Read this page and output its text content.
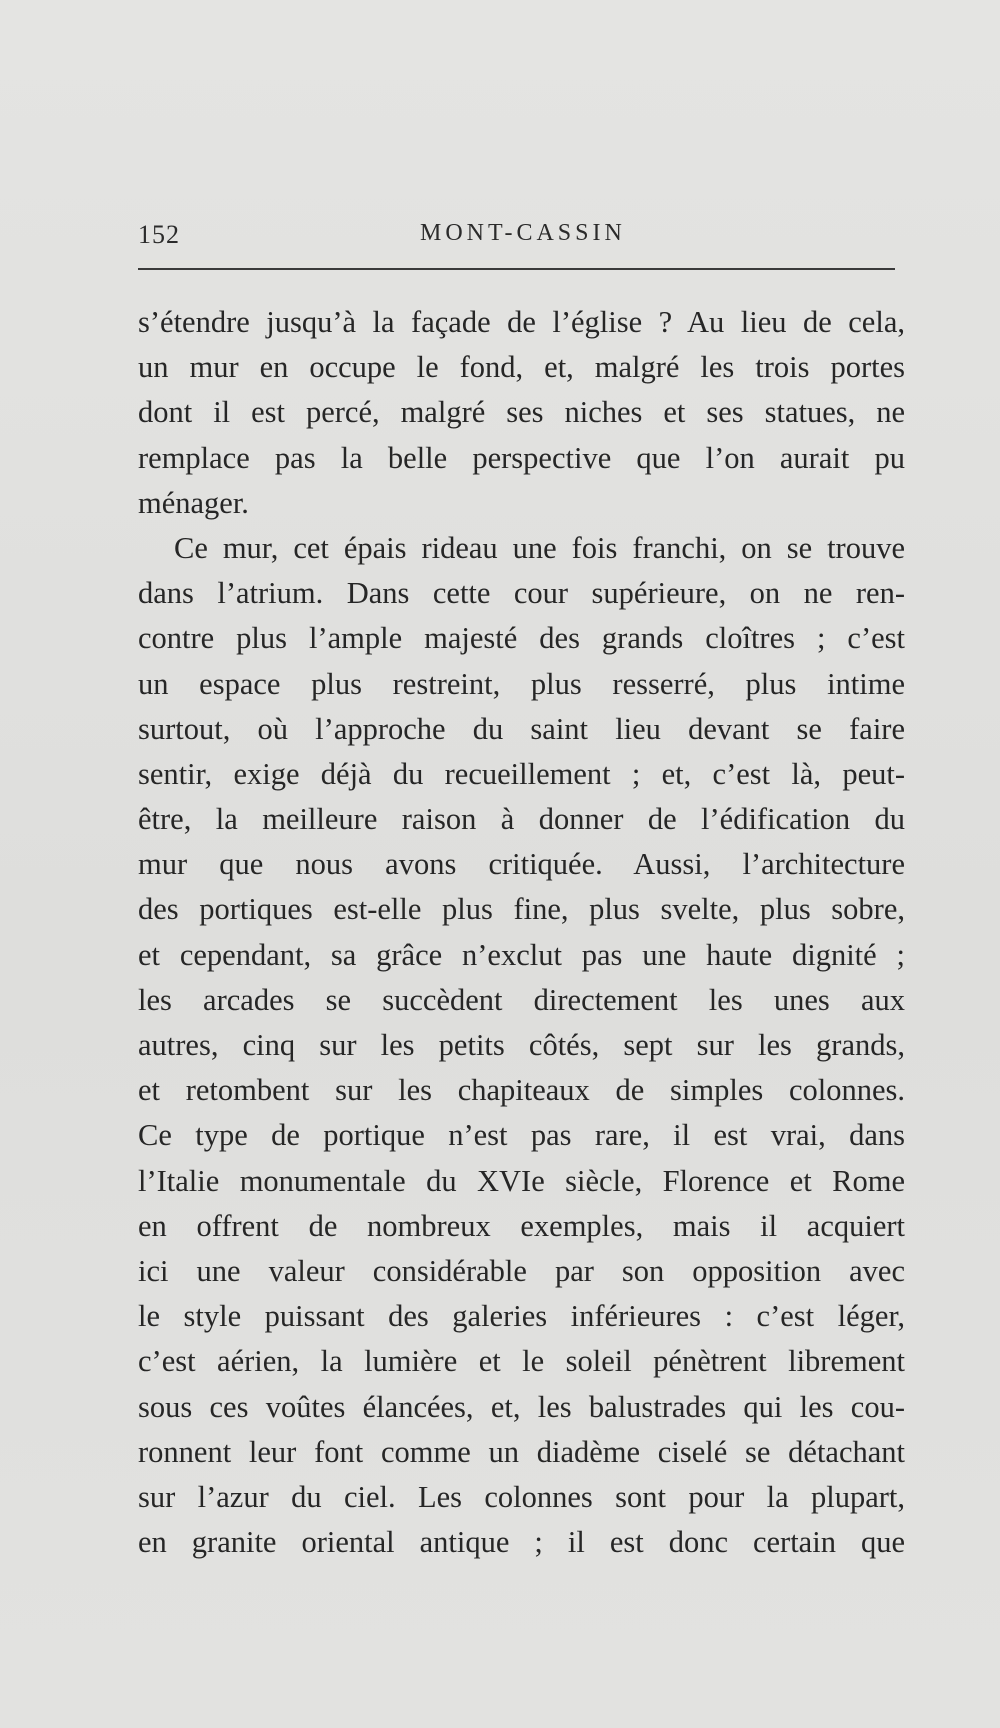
152	MONT-CASSIN
s’étendre jusqu’à la façade de l’église ? Au lieu de cela,
un mur en occupe le fond, et, malgré les trois portes
dont il est percé, malgré ses niches et ses statues, ne
remplace pas la belle perspective que l’on aurait pu
ménager.
Ce mur, cet épais rideau une fois franchi, on se trouve
dans l’atrium. Dans cette cour supérieure, on ne ren-
contre plus l’ample majesté des grands cloîtres ; c’est
un espace plus restreint, plus resserré, plus intime
surtout, où l’approche du saint lieu devant se faire
sentir, exige déjà du recueillement ; et, c’est là, peut-
être, la meilleure raison à donner de l’édification du
mur que nous avons critiquée. Aussi, l’architecture
des portiques est-elle plus fine, plus svelte, plus sobre,
et cependant, sa grâce n’exclut pas une haute dignité ;
les arcades se succèdent directement les unes aux
autres, cinq sur les petits côtés, sept sur les grands,
et retombent sur les chapiteaux de simples colonnes.
Ce type de portique n’est pas rare, il est vrai, dans
l’Italie monumentale du XVIe siècle, Florence et Rome
en offrent de nombreux exemples, mais il acquiert
ici une valeur considérable par son opposition avec
le style puissant des galeries inférieures : c’est léger,
c’est aérien, la lumière et le soleil pénètrent librement
sous ces voûtes élancées, et, les balustrades qui les cou-
ronnent leur font comme un diadème ciselé se détachant
sur l’azur du ciel. Les colonnes sont pour la plupart,
en granite oriental antique ; il est donc certain que
